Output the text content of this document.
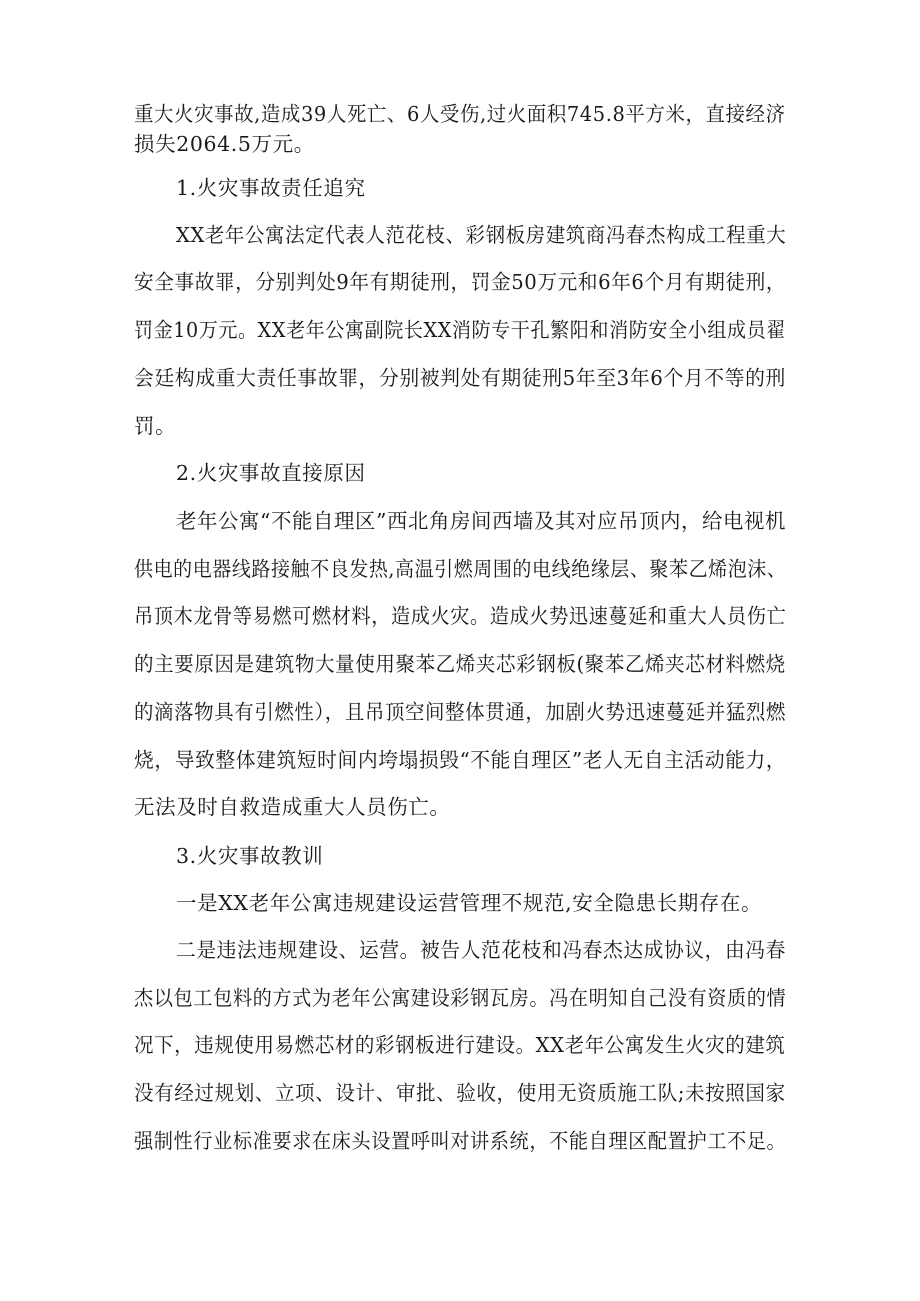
重大火灾事故,造成39人死亡、6人受伤,过火面积745.8平方米，直接经济
损失2064.5万元。
1.火灾事故责任追究
XX老年公寓法定代表人范花枝、彩钢板房建筑商冯春杰构成工程重大
安全事故罪，分别判处9年有期徒刑，罚金50万元和6年6个月有期徒刑，
罚金10万元。XX老年公寓副院长XX消防专干孔繁阳和消防安全小组成员翟
会廷构成重大责任事故罪，分别被判处有期徒刑5年至3年6个月不等的刑
罚。
2.火灾事故直接原因
老年公寓“不能自理区”西北角房间西墙及其对应吊顶内，给电视机
供电的电器线路接触不良发热,高温引燃周围的电线绝缘层、聚苯乙烯泡沫、
吊顶木龙骨等易燃可燃材料，造成火灾。造成火势迅速蔓延和重大人员伤亡
的主要原因是建筑物大量使用聚苯乙烯夹芯彩钢板(聚苯乙烯夹芯材料燃烧
的滴落物具有引燃性），且吊顶空间整体贯通，加剧火势迅速蔓延并猛烈燃
烧，导致整体建筑短时间内垮塌损毁“不能自理区”老人无自主活动能力，
无法及时自救造成重大人员伤亡。
3.火灾事故教训
一是XX老年公寓违规建设运营管理不规范,安全隐患长期存在。
二是违法违规建设、运营。被告人范花枝和冯春杰达成协议，由冯春
杰以包工包料的方式为老年公寓建设彩钢瓦房。冯在明知自己没有资质的情
况下，违规使用易燃芯材的彩钢板进行建设。XX老年公寓发生火灾的建筑
没有经过规划、立项、设计、审批、验收，使用无资质施工队;未按照国家
强制性行业标准要求在床头设置呼叫对讲系统，不能自理区配置护工不足。
